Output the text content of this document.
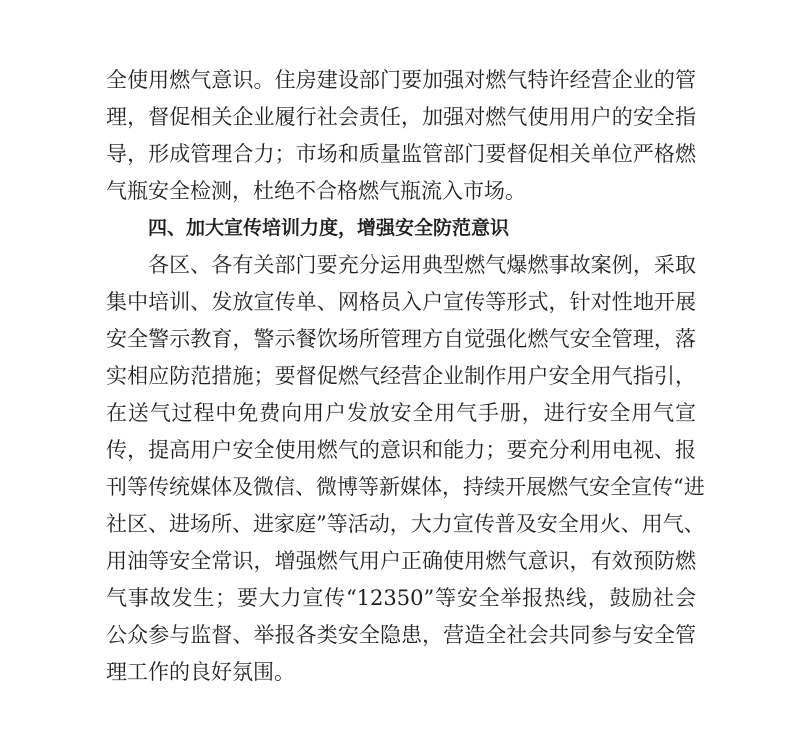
全使用燃气意识。住房建设部门要加强对燃气特许经营企业的管
理，督促相关企业履行社会责任，加强对燃气使用用户的安全指
导，形成管理合力；市场和质量监管部门要督促相关单位严格燃
气瓶安全检测，杜绝不合格燃气瓶流入市场。
四、加大宣传培训力度，增强安全防范意识
各区、各有关部门要充分运用典型燃气爆燃事故案例，采取
集中培训、发放宣传单、网格员入户宣传等形式，针对性地开展
安全警示教育，警示餐饮场所管理方自觉强化燃气安全管理，落
实相应防范措施；要督促燃气经营企业制作用户安全用气指引，
在送气过程中免费向用户发放安全用气手册，进行安全用气宣
传，提高用户安全使用燃气的意识和能力；要充分利用电视、报
刊等传统媒体及微信、微博等新媒体，持续开展燃气安全宣传“进
社区、进场所、进家庭”等活动，大力宣传普及安全用火、用气、
用油等安全常识，增强燃气用户正确使用燃气意识，有效预防燃
气事故发生；要大力宣传“12350”等安全举报热线，鼓励社会
公众参与监督、举报各类安全隐患，营造全社会共同参与安全管
理工作的良好氛围。
